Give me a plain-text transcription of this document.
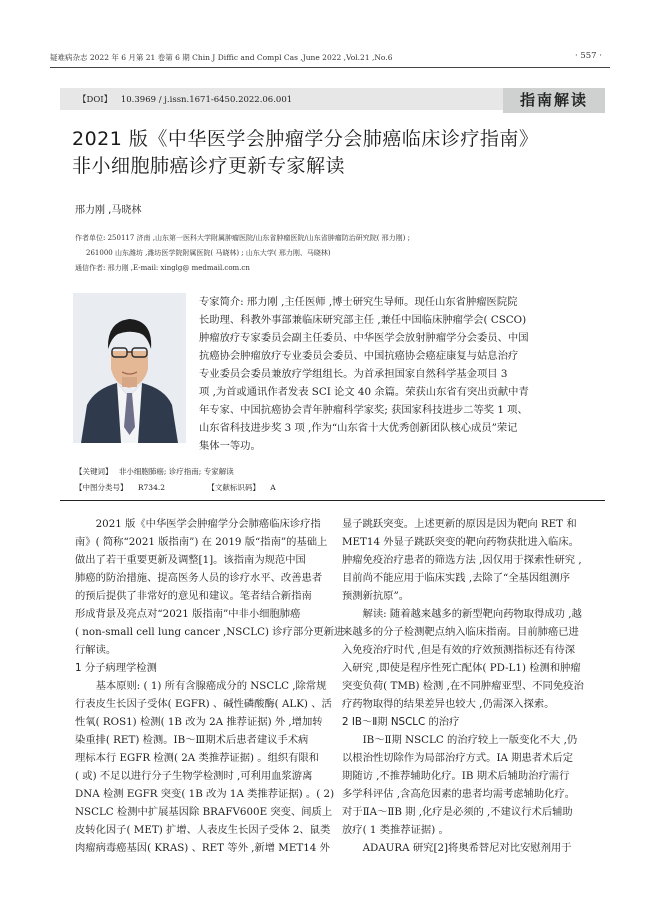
疑难病杂志 2022 年 6 月第 21 卷第 6 期 Chin J Diffic and Compl Cas ,June 2022 ,Vol.21 ,No.6	· 557 ·
【DOI】 10.3969 / j.issn.1671-6450.2022.06.001	指南解读
2021 版《中华医学会肿瘤学分会肺癌临床诊疗指南》
非小细胞肺癌诊疗更新专家解读
邢力刚 ,马晓林
作者单位: 250117 济南 ,山东第一医科大学附属肿瘤医院/山东省肿瘤医院/山东省肿瘤防治研究院( 邢力刚) ;
261000 山东潍坊 ,潍坊医学院附属医院( 马晓林) ; 山东大学( 邢力刚、马晓林)
通信作者: 邢力刚 ,E-mail: xinglg@ medmail.com.cn
专家简介: 邢力刚 ,主任医师 ,博士研究生导师。现任山东省肿瘤医院院
长助理、科教外事部兼临床研究部主任 ,兼任中国临床肿瘤学会( CSCO)
肿瘤放疗专家委员会副主任委员、中华医学会放射肿瘤学分会委员、中国
抗癌协会肿瘤放疗专业委员会委员、中国抗癌协会癌症康复与姑息治疗
专业委员会委员兼放疗学组组长。为首承担国家自然科学基金项目 3
项 ,为首或通讯作者发表 SCI 论文 40 余篇。荣获山东省有突出贡献中青
年专家、中国抗癌协会青年肿瘤科学家奖; 获国家科技进步二等奖 1 项、
山东省科技进步奖 3 项 ,作为“山东省十大优秀创新团队核心成员”荣记
集体一等功。
【关键词】 非小细胞肺癌; 诊疗指南; 专家解读
【中图分类号】 R734.2	【文献标识码】 A
　　2021 版《中华医学会肿瘤学分会肺癌临床诊疗指
南》( 简称“2021 版指南”) 在 2019 版“指南”的基础上
做出了若干重要更新及调整[1]。该指南为规范中国
肺癌的防治措施、提高医务人员的诊疗水平、改善患者
的预后提供了非常好的意见和建议。笔者结合新指南
形成背景及亮点对“2021 版指南”中非小细胞肺癌
( non-small cell lung cancer ,NSCLC) 诊疗部分更新进
行解读。
1 分子病理学检测
　　基本原则: ( 1) 所有含腺癌成分的 NSCLC ,除常规
行表皮生长因子受体( EGFR) 、碱性磷酸酶( ALK) 、活
性氧( ROS1) 检测( 1B 改为 2A 推荐证据) 外 ,增加转
染重排( RET) 检测。ⅠB～Ⅲ期术后患者建议手术病
理标本行 EGFR 检测( 2A 类推荐证据) 。组织有限和
( 或) 不足以进行分子生物学检测时 ,可利用血浆游离
DNA 检测 EGFR 突变( 1B 改为 1A 类推荐证据) 。( 2)
NSCLC 检测中扩展基因除 BRAFV600E 突变、间质上
皮转化因子( MET) 扩增、人表皮生长因子受体 2、鼠类
肉瘤病毒癌基因( KRAS) 、RET 等外 ,新增 MET14 外
显子跳跃突变。上述更新的原因是因为靶向 RET 和
MET14 外显子跳跃突变的靶向药物获批进入临床。
肿瘤免疫治疗患者的筛选方法 ,因仅用于探索性研究 ,
目前尚不能应用于临床实践 ,去除了“全基因组测序
预测新抗原”。
　　解读: 随着越来越多的新型靶向药物取得成功 ,越
来越多的分子检测靶点纳入临床指南。目前肺癌已进
入免疫治疗时代 ,但是有效的疗效预测指标还有待深
入研究 ,即使是程序性死亡配体( PD-L1) 检测和肿瘤
突变负荷( TMB) 检测 ,在不同肿瘤亚型、不同免疫治
疗药物取得的结果差异也较大 ,仍需深入探索。
2 ⅠB～Ⅱ期 NSCLC 的治疗
　　ⅠB～Ⅱ期 NSCLC 的治疗较上一版变化不大 ,仍
以根治性切除作为局部治疗方式。ⅠA 期患者术后定
期随访 ,不推荐辅助化疗。ⅠB 期术后辅助治疗需行
多学科评估 ,含高危因素的患者均需考虑辅助化疗。
对于ⅡA～ⅡB 期 ,化疗是必须的 ,不建议行术后辅助
放疗( 1 类推荐证据) 。
　　ADAURA 研究[2]将奥希替尼对比安慰剂用于
